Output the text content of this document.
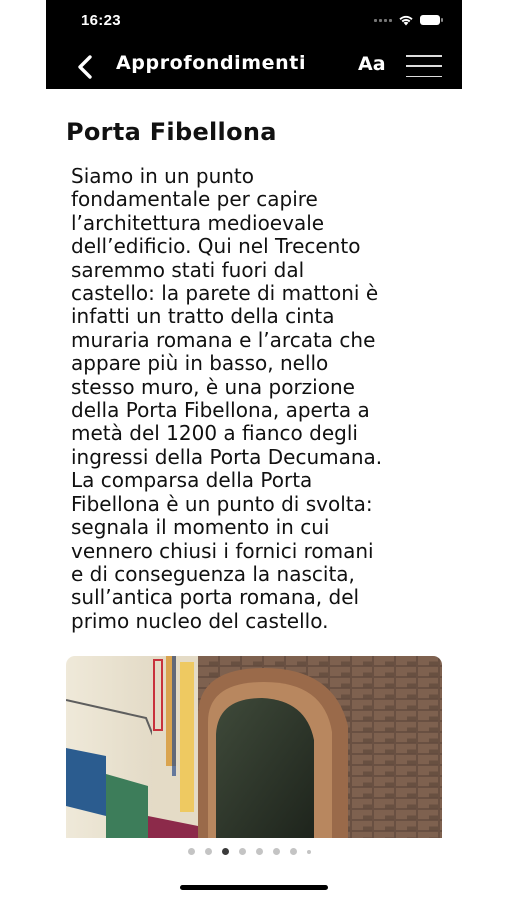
16:23
Approfondimenti	Aa
Porta Fibellona
Siamo in un punto
fondamentale per capire
l’architettura medioevale
dell’edificio. Qui nel Trecento
saremmo stati fuori dal
castello: la parete di mattoni è
infatti un tratto della cinta
muraria romana e l’arcata che
appare più in basso, nello
stesso muro, è una porzione
della Porta Fibellona, aperta a
metà del 1200 a fianco degli
ingressi della Porta Decumana.
La comparsa della Porta
Fibellona è un punto di svolta:
segnala il momento in cui
vennero chiusi i fornici romani
e di conseguenza la nascita,
sull’antica porta romana, del
primo nucleo del castello.
